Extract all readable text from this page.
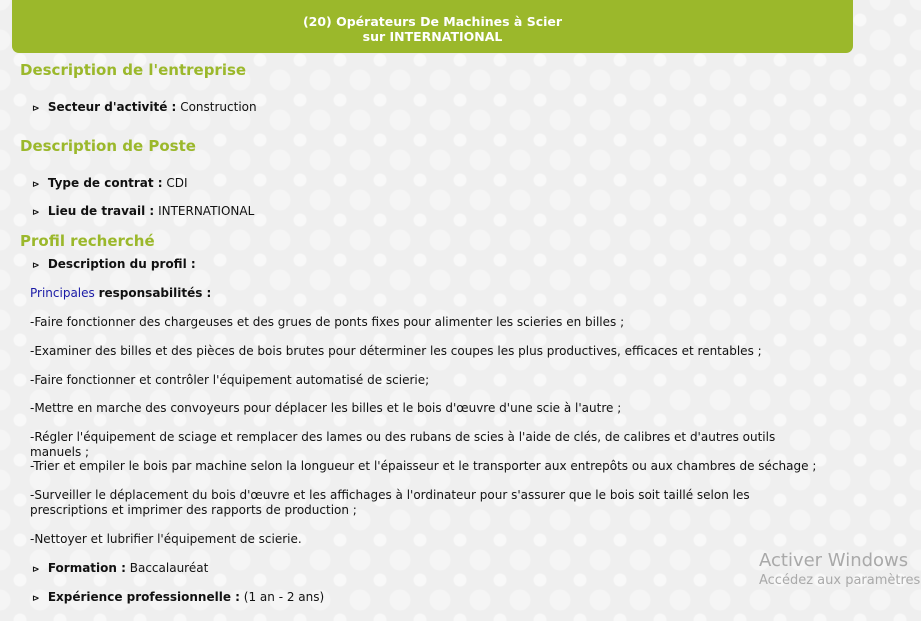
(20) Opérateurs De Machines à Scier
sur INTERNATIONAL
Description de l'entreprise
⊳ Secteur d'activité : Construction
Description de Poste
⊳ Type de contrat : CDI
⊳ Lieu de travail : INTERNATIONAL
Profil recherché
⊳ Description du profil :
Principales responsabilités :
-Faire fonctionner des chargeuses et des grues de ponts fixes pour alimenter les scieries en billes ;
-Examiner des billes et des pièces de bois brutes pour déterminer les coupes les plus productives, efficaces et rentables ;
-Faire fonctionner et contrôler l'équipement automatisé de scierie;
-Mettre en marche des convoyeurs pour déplacer les billes et le bois d'œuvre d'une scie à l'autre ;
-Régler l'équipement de sciage et remplacer des lames ou des rubans de scies à l'aide de clés, de calibres et d'autres outils manuels ;
-Trier et empiler le bois par machine selon la longueur et l'épaisseur et le transporter aux entrepôts ou aux chambres de séchage ;
-Surveiller le déplacement du bois d'œuvre et les affichages à l'ordinateur pour s'assurer que le bois soit taillé selon les prescriptions et imprimer des rapports de production ;
-Nettoyer et lubrifier l'équipement de scierie.
⊳ Formation : Baccalauréat
⊳ Expérience professionnelle : (1 an - 2 ans)
Activer Windows
Accédez aux paramètres
